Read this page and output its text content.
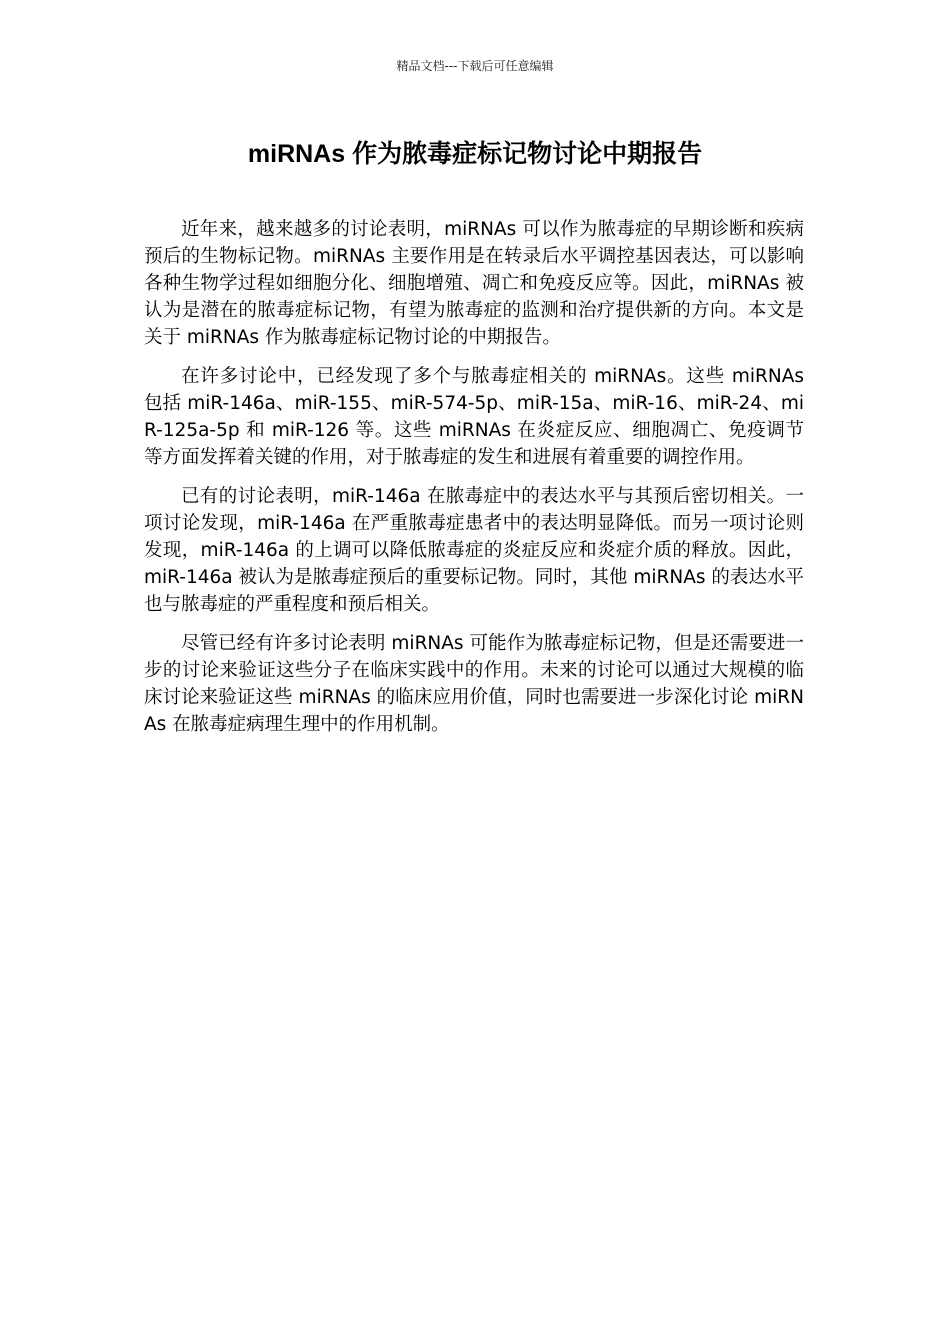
精品文档---下载后可任意编辑
miRNAs 作为脓毒症标记物讨论中期报告

近年来，越来越多的讨论表明，miRNAs 可以作为脓毒症的早期诊断和疾病预后的生物标记物。miRNAs 主要作用是在转录后水平调控基因表达，可以影响各种生物学过程如细胞分化、细胞增殖、凋亡和免疫反应等。因此，miRNAs 被认为是潜在的脓毒症标记物，有望为脓毒症的监测和治疗提供新的方向。本文是关于 miRNAs 作为脓毒症标记物讨论的中期报告。

在许多讨论中，已经发现了多个与脓毒症相关的 miRNAs。这些 miRNAs 包括 miR-146a、miR-155、miR-574-5p、miR-15a、miR-16、miR-24、miR-125a-5p 和 miR-126 等。这些 miRNAs 在炎症反应、细胞凋亡、免疫调节等方面发挥着关键的作用，对于脓毒症的发生和进展有着重要的调控作用。

已有的讨论表明，miR-146a 在脓毒症中的表达水平与其预后密切相关。一项讨论发现，miR-146a 在严重脓毒症患者中的表达明显降低。而另一项讨论则发现，miR-146a 的上调可以降低脓毒症的炎症反应和炎症介质的释放。因此，miR-146a 被认为是脓毒症预后的重要标记物。同时，其他 miRNAs 的表达水平也与脓毒症的严重程度和预后相关。

尽管已经有许多讨论表明 miRNAs 可能作为脓毒症标记物，但是还需要进一步的讨论来验证这些分子在临床实践中的作用。未来的讨论可以通过大规模的临床讨论来验证这些 miRNAs 的临床应用价值，同时也需要进一步深化讨论 miRNAs 在脓毒症病理生理中的作用机制。
